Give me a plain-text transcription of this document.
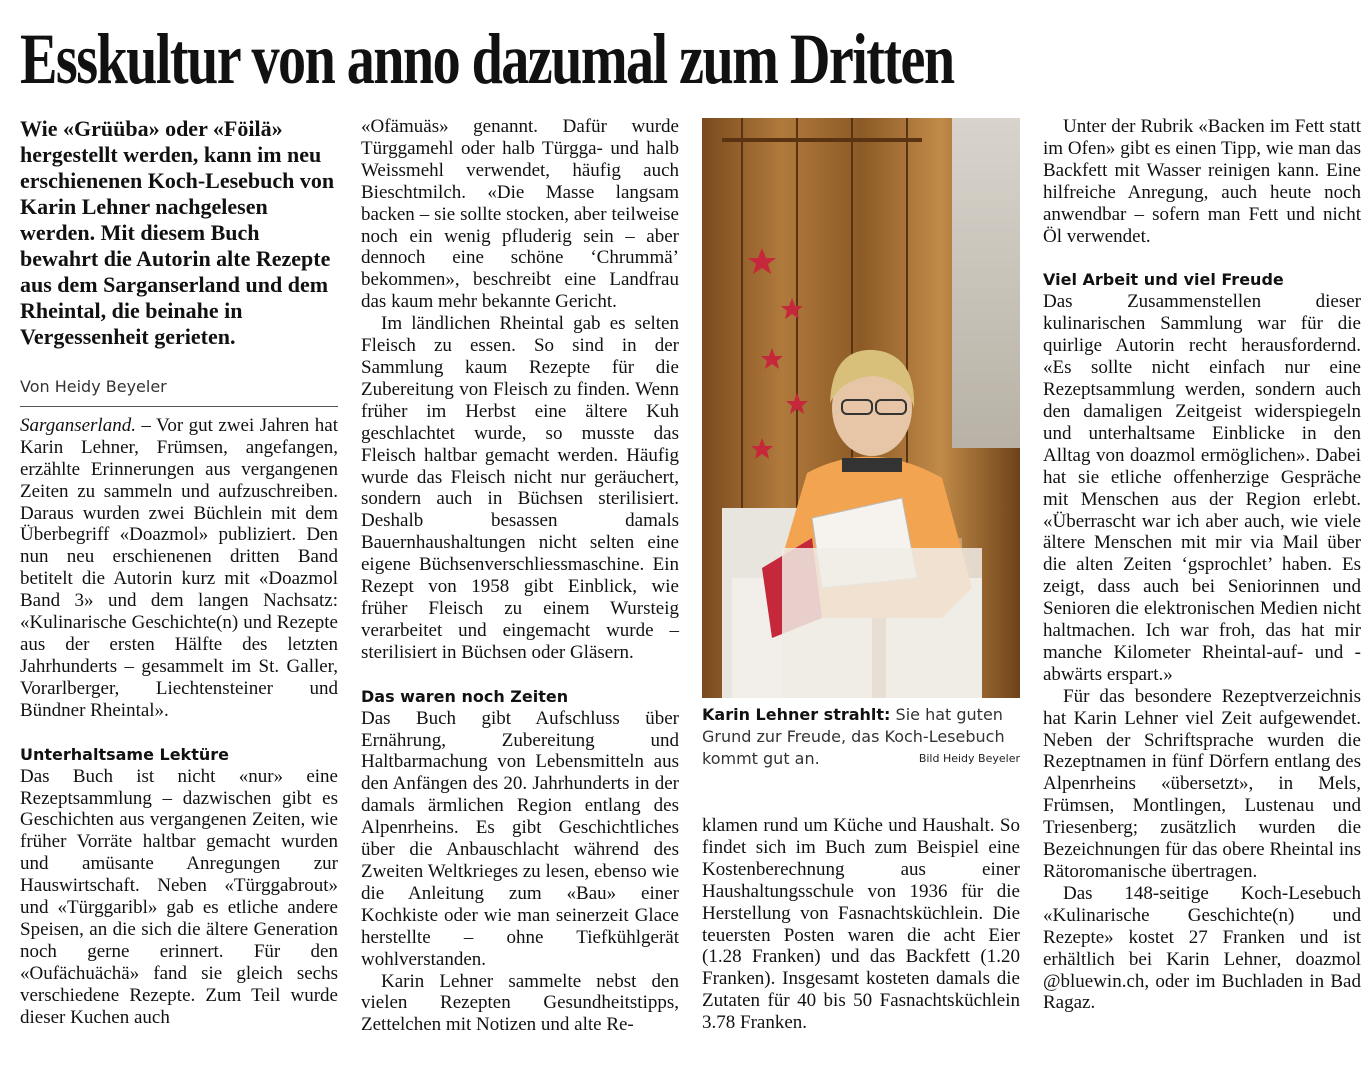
Esskultur von anno dazumal zum Dritten
Wie «Grüüba» oder «Föilä» hergestellt werden, kann im neu erschienenen Koch-Lesebuch von Karin Lehner nachgelesen werden. Mit diesem Buch bewahrt die Autorin alte Rezepte aus dem Sarganserland und dem Rheintal, die beinahe in Vergessenheit gerieten.
Von Heidy Beyeler

Sarganserland. – Vor gut zwei Jahren hat Karin Lehner, Frümsen, angefangen, erzählte Erinnerungen aus vergangenen Zeiten zu sammeln und aufzuschreiben. Daraus wurden zwei Büchlein mit dem Überbegriff «Doazmol» publiziert. Den nun neu erschienenen dritten Band betitelt die Autorin kurz mit «Doazmol Band 3» und dem langen Nachsatz: «Kulinarische Geschichte(n) und Rezepte aus der ersten Hälfte des letzten Jahrhunderts – gesammelt im St. Galler, Vorarlberger, Liechtensteiner und Bündner Rheintal».

Unterhaltsame Lektüre

Das Buch ist nicht «nur» eine Rezeptsammlung – dazwischen gibt es Geschichten aus vergangenen Zeiten, wie früher Vorräte haltbar gemacht wurden und amüsante Anregungen zur Hauswirtschaft. Neben «Türggabrout» und «Türggaribl» gab es etliche andere Speisen, an die sich die ältere Generation noch gerne erinnert. Für den «Oufächuächä» fand sie gleich sechs verschiedene Rezepte. Zum Teil wurde dieser Kuchen auch

«Ofämuäs» genannt. Dafür wurde Türggamehl oder halb Türgga- und halb Weissmehl verwendet, häufig auch Bieschtmilch. «Die Masse langsam backen – sie sollte stocken, aber teilweise noch ein wenig pfluderig sein – aber dennoch eine schöne ‘Chrummä’ bekommen», beschreibt eine Landfrau das kaum mehr bekannte Gericht.

Im ländlichen Rheintal gab es selten Fleisch zu essen. So sind in der Sammlung kaum Rezepte für die Zubereitung von Fleisch zu finden. Wenn früher im Herbst eine ältere Kuh geschlachtet wurde, so musste das Fleisch haltbar gemacht werden. Häufig wurde das Fleisch nicht nur geräuchert, sondern auch in Büchsen sterilisiert. Deshalb besassen damals Bauernhaushaltungen nicht selten eine eigene Büchsenverschliessmaschine. Ein Rezept von 1958 gibt Einblick, wie früher Fleisch zu einem Wursteig verarbeitet und eingemacht wurde – sterilisiert in Büchsen oder Gläsern.

Das waren noch Zeiten

Das Buch gibt Aufschluss über Ernährung, Zubereitung und Haltbarmachung von Lebensmitteln aus den Anfängen des 20. Jahrhunderts in der damals ärmlichen Region entlang des Alpenrheins. Es gibt Geschichtliches über die Anbauschlacht während des Zweiten Weltkrieges zu lesen, ebenso wie die Anleitung zum «Bau» einer Kochkiste oder wie man seinerzeit Glace herstellte – ohne Tiefkühlgerät wohlverstanden.

Karin Lehner sammelte nebst den vielen Rezepten Gesundheitstipps, Zettelchen mit Notizen und alte Re-

Karin Lehner strahlt: Sie hat guten Grund zur Freude, das Koch-Lesebuch kommt gut an.	Bild Heidy Beyeler

klamen rund um Küche und Haushalt. So findet sich im Buch zum Beispiel eine Kostenberechnung aus einer Haushaltungsschule von 1936 für die Herstellung von Fasnachtsküchlein. Die teuersten Posten waren die acht Eier (1.28 Franken) und das Backfett (1.20 Franken). Insgesamt kosteten damals die Zutaten für 40 bis 50 Fasnachtsküchlein 3.78 Franken.

Unter der Rubrik «Backen im Fett statt im Ofen» gibt es einen Tipp, wie man das Backfett mit Wasser reinigen kann. Eine hilfreiche Anregung, auch heute noch anwendbar – sofern man Fett und nicht Öl verwendet.

Viel Arbeit und viel Freude

Das Zusammenstellen dieser kulinarischen Sammlung war für die quirlige Autorin recht herausfordernd. «Es sollte nicht einfach nur eine Rezeptsammlung werden, sondern auch den damaligen Zeitgeist widerspiegeln und unterhaltsame Einblicke in den Alltag von doazmol ermöglichen». Dabei hat sie etliche offenherzige Gespräche mit Menschen aus der Region erlebt. «Überrascht war ich aber auch, wie viele ältere Menschen mit mir via Mail über die alten Zeiten ‘gsprochlet’ haben. Es zeigt, dass auch bei Seniorinnen und Senioren die elektronischen Medien nicht haltmachen. Ich war froh, das hat mir manche Kilometer Rheintal-auf- und -abwärts erspart.»

Für das besondere Rezeptverzeichnis hat Karin Lehner viel Zeit aufgewendet. Neben der Schriftsprache wurden die Rezeptnamen in fünf Dörfern entlang des Alpenrheins «übersetzt», in Mels, Frümsen, Montlingen, Lustenau und Triesenberg; zusätzlich wurden die Bezeichnungen für das obere Rheintal ins Rätoromanische übertragen.

Das 148-seitige Koch-Lesebuch «Kulinarische Geschichte(n) und Rezepte» kostet 27 Franken und ist erhältlich bei Karin Lehner, doazmol @bluewin.ch, oder im Buchladen in Bad Ragaz.
